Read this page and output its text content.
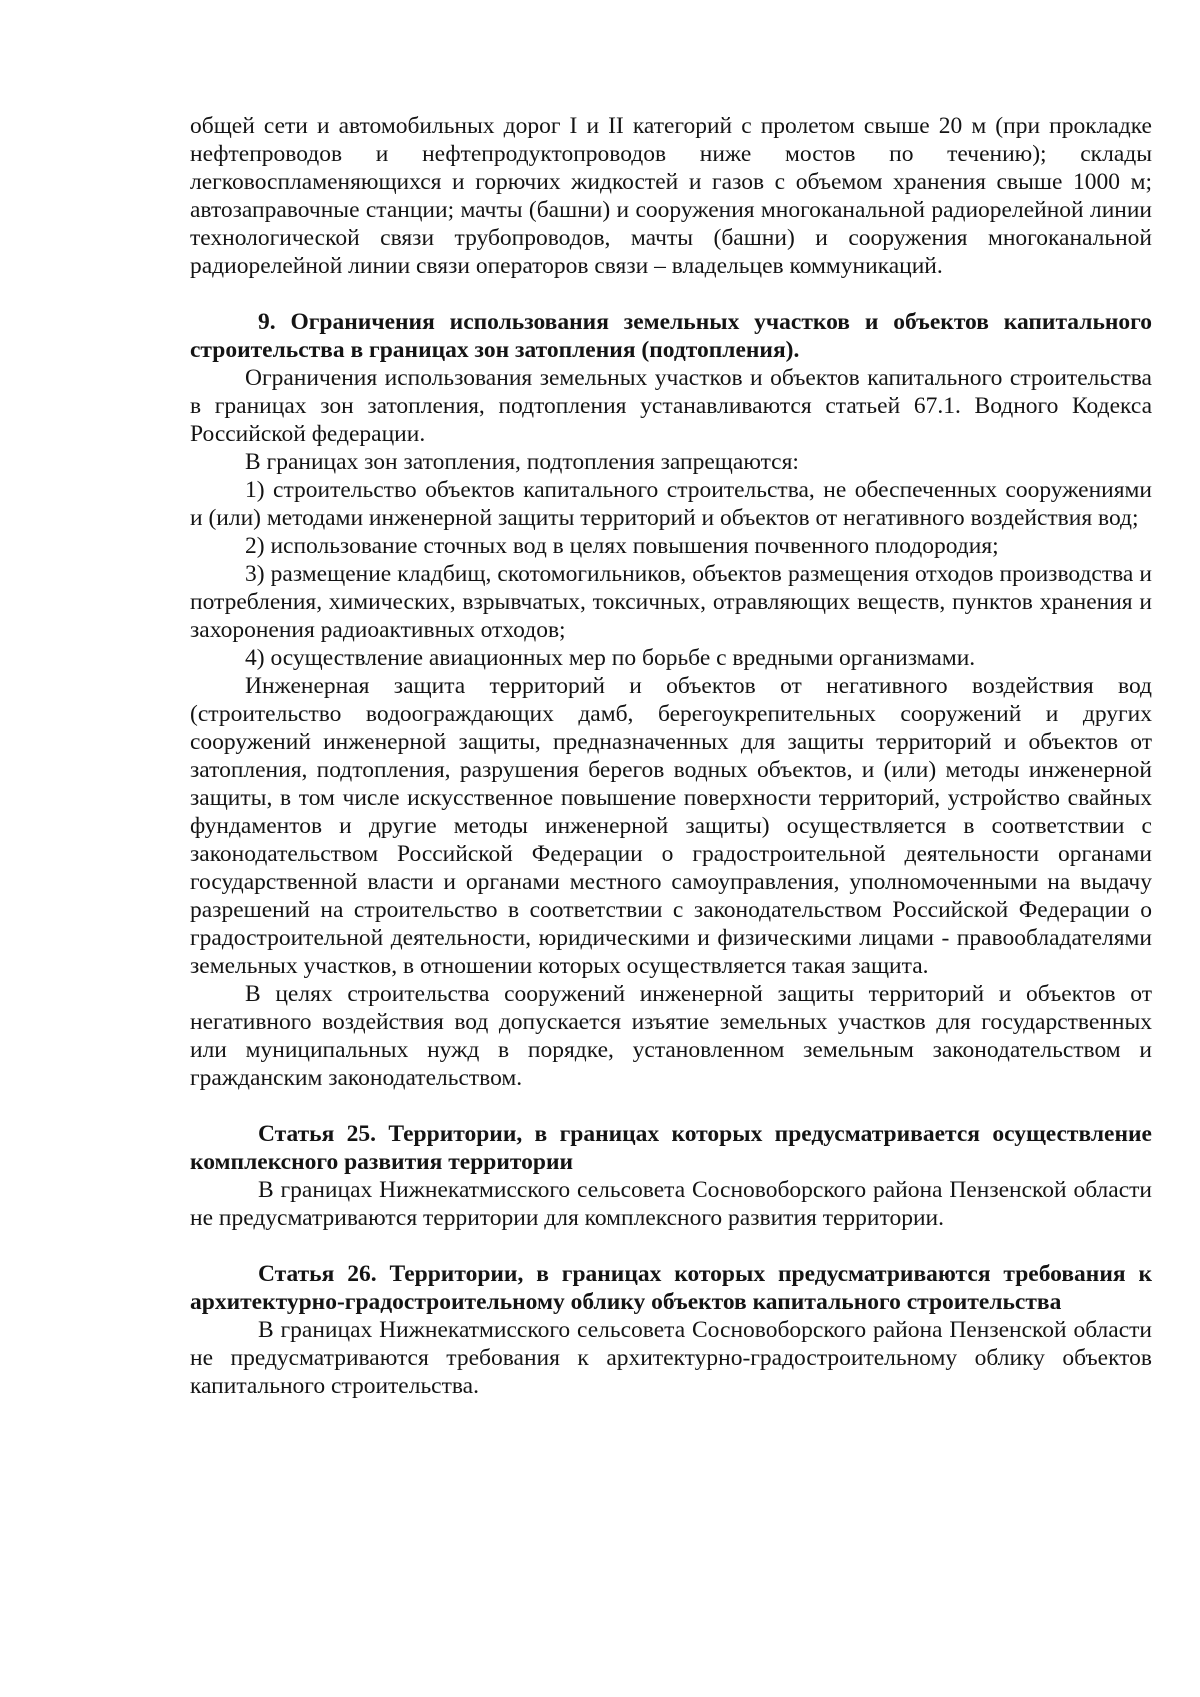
общей сети и автомобильных дорог I и II категорий с пролетом свыше 20 м (при прокладке нефтепроводов и нефтепродуктопроводов ниже мостов по течению); склады легковоспламеняющихся и горючих жидкостей и газов с объемом хранения свыше 1000 м; автозаправочные станции; мачты (башни) и сооружения многоканальной радиорелейной линии технологической связи трубопроводов, мачты (башни) и сооружения многоканальной радиорелейной линии связи операторов связи – владельцев коммуникаций.

9. Ограничения использования земельных участков и объектов капитального строительства в границах зон затопления (подтопления).

Ограничения использования земельных участков и объектов капитального строительства в границах зон затопления, подтопления устанавливаются статьей 67.1. Водного Кодекса Российской федерации.

В границах зон затопления, подтопления запрещаются:

1) строительство объектов капитального строительства, не обеспеченных сооружениями и (или) методами инженерной защиты территорий и объектов от негативного воздействия вод;

2) использование сточных вод в целях повышения почвенного плодородия;

3) размещение кладбищ, скотомогильников, объектов размещения отходов производства и потребления, химических, взрывчатых, токсичных, отравляющих веществ, пунктов хранения и захоронения радиоактивных отходов;

4) осуществление авиационных мер по борьбе с вредными организмами.

Инженерная защита территорий и объектов от негативного воздействия вод (строительство водоограждающих дамб, берегоукрепительных сооружений и других сооружений инженерной защиты, предназначенных для защиты территорий и объектов от затопления, подтопления, разрушения берегов водных объектов, и (или) методы инженерной защиты, в том числе искусственное повышение поверхности территорий, устройство свайных фундаментов и другие методы инженерной защиты) осуществляется в соответствии с законодательством Российской Федерации о градостроительной деятельности органами государственной власти и органами местного самоуправления, уполномоченными на выдачу разрешений на строительство в соответствии с законодательством Российской Федерации о градостроительной деятельности, юридическими и физическими лицами - правообладателями земельных участков, в отношении которых осуществляется такая защита.

В целях строительства сооружений инженерной защиты территорий и объектов от негативного воздействия вод допускается изъятие земельных участков для государственных или муниципальных нужд в порядке, установленном земельным законодательством и гражданским законодательством.

Статья 25. Территории, в границах которых предусматривается осуществление комплексного развития территории

В границах Нижнекатмисского сельсовета Сосновоборского района Пензенской области не предусматриваются территории для комплексного развития территории.

Статья 26. Территории, в границах которых предусматриваются требования к архитектурно-градостроительному облику объектов капитального строительства

В границах Нижнекатмисского сельсовета Сосновоборского района Пензенской области не предусматриваются требования к архитектурно-градостроительному облику объектов капитального строительства.
